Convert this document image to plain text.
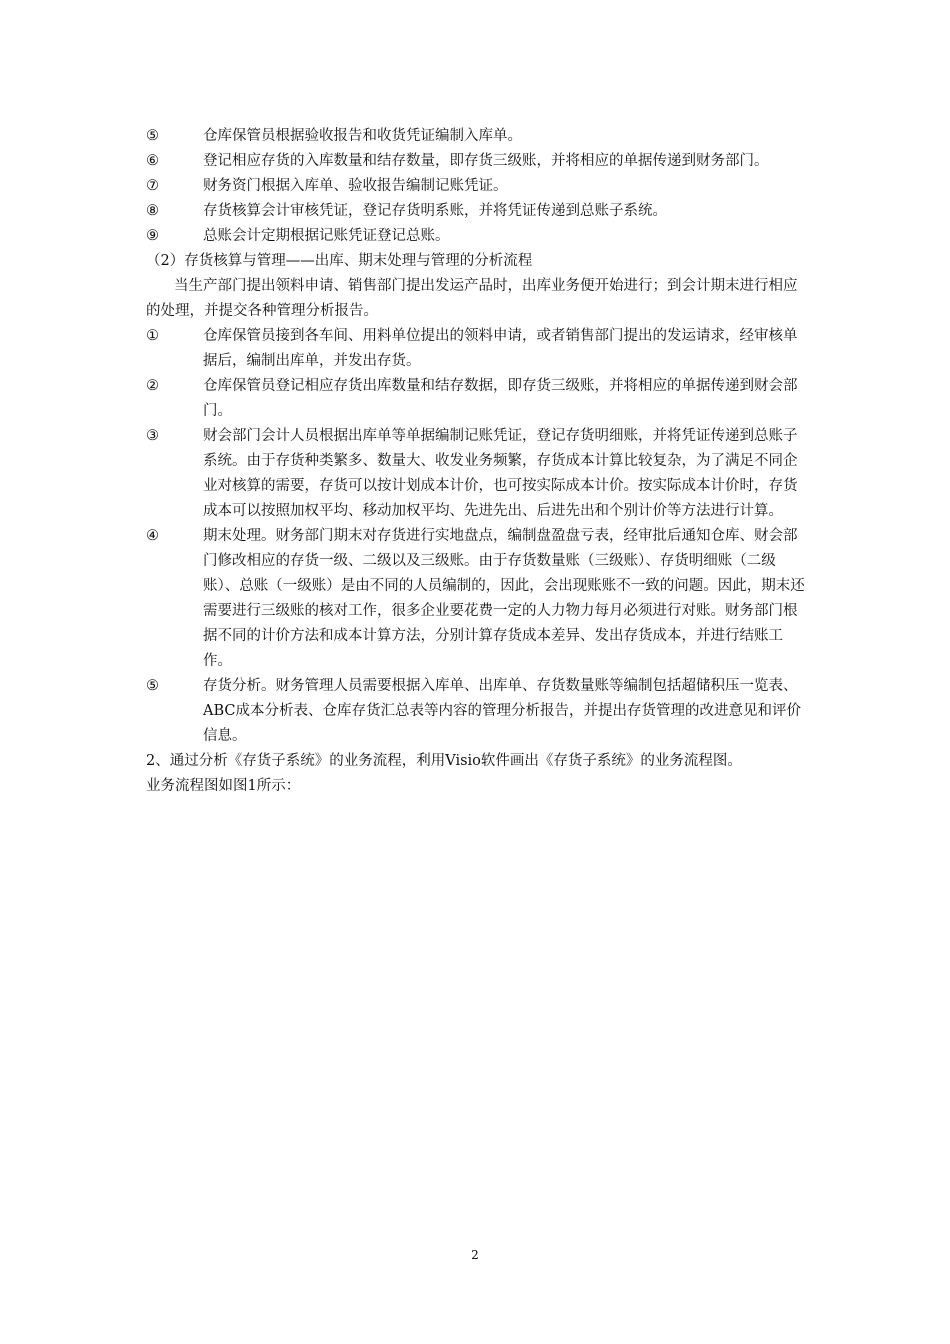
⑤	仓库保管员根据验收报告和收货凭证编制入库单。
⑥	登记相应存货的入库数量和结存数量，即存货三级账，并将相应的单据传递到财务部门。
⑦	财务资门根据入库单、验收报告编制记账凭证。
⑧	存货核算会计审核凭证，登记存货明系账，并将凭证传递到总账子系统。
⑨	总账会计定期根据记账凭证登记总账。
（2）存货核算与管理——出库、期末处理与管理的分析流程
当生产部门提出领料申请、销售部门提出发运产品时，出库业务便开始进行；到会计期末进行相应的处理，并提交各种管理分析报告。
①	仓库保管员接到各车间、用料单位提出的领料申请，或者销售部门提出的发运请求，经审核单据后，编制出库单，并发出存货。
②	仓库保管员登记相应存货出库数量和结存数据，即存货三级账，并将相应的单据传递到财会部门。
③	财会部门会计人员根据出库单等单据编制记账凭证，登记存货明细账，并将凭证传递到总账子系统。由于存货种类繁多、数量大、收发业务频繁，存货成本计算比较复杂，为了满足不同企业对核算的需要，存货可以按计划成本计价，也可按实际成本计价。按实际成本计价时，存货成本可以按照加权平均、移动加权平均、先进先出、后进先出和个别计价等方法进行计算。
④	期末处理。财务部门期末对存货进行实地盘点，编制盘盈盘亏表，经审批后通知仓库、财会部门修改相应的存货一级、二级以及三级账。由于存货数量账（三级账）、存货明细账（二级账）、总账（一级账）是由不同的人员编制的，因此，会出现账账不一致的问题。因此，期末还需要进行三级账的核对工作，很多企业要花费一定的人力物力每月必须进行对账。财务部门根据不同的计价方法和成本计算方法，分别计算存货成本差异、发出存货成本，并进行结账工作。
⑤	存货分析。财务管理人员需要根据入库单、出库单、存货数量账等编制包括超储积压一览表、ABC成本分析表、仓库存货汇总表等内容的管理分析报告，并提出存货管理的改进意见和评价信息。
2、通过分析《存货子系统》的业务流程，利用Visio软件画出《存货子系统》的业务流程图。
业务流程图如图1所示：
2
